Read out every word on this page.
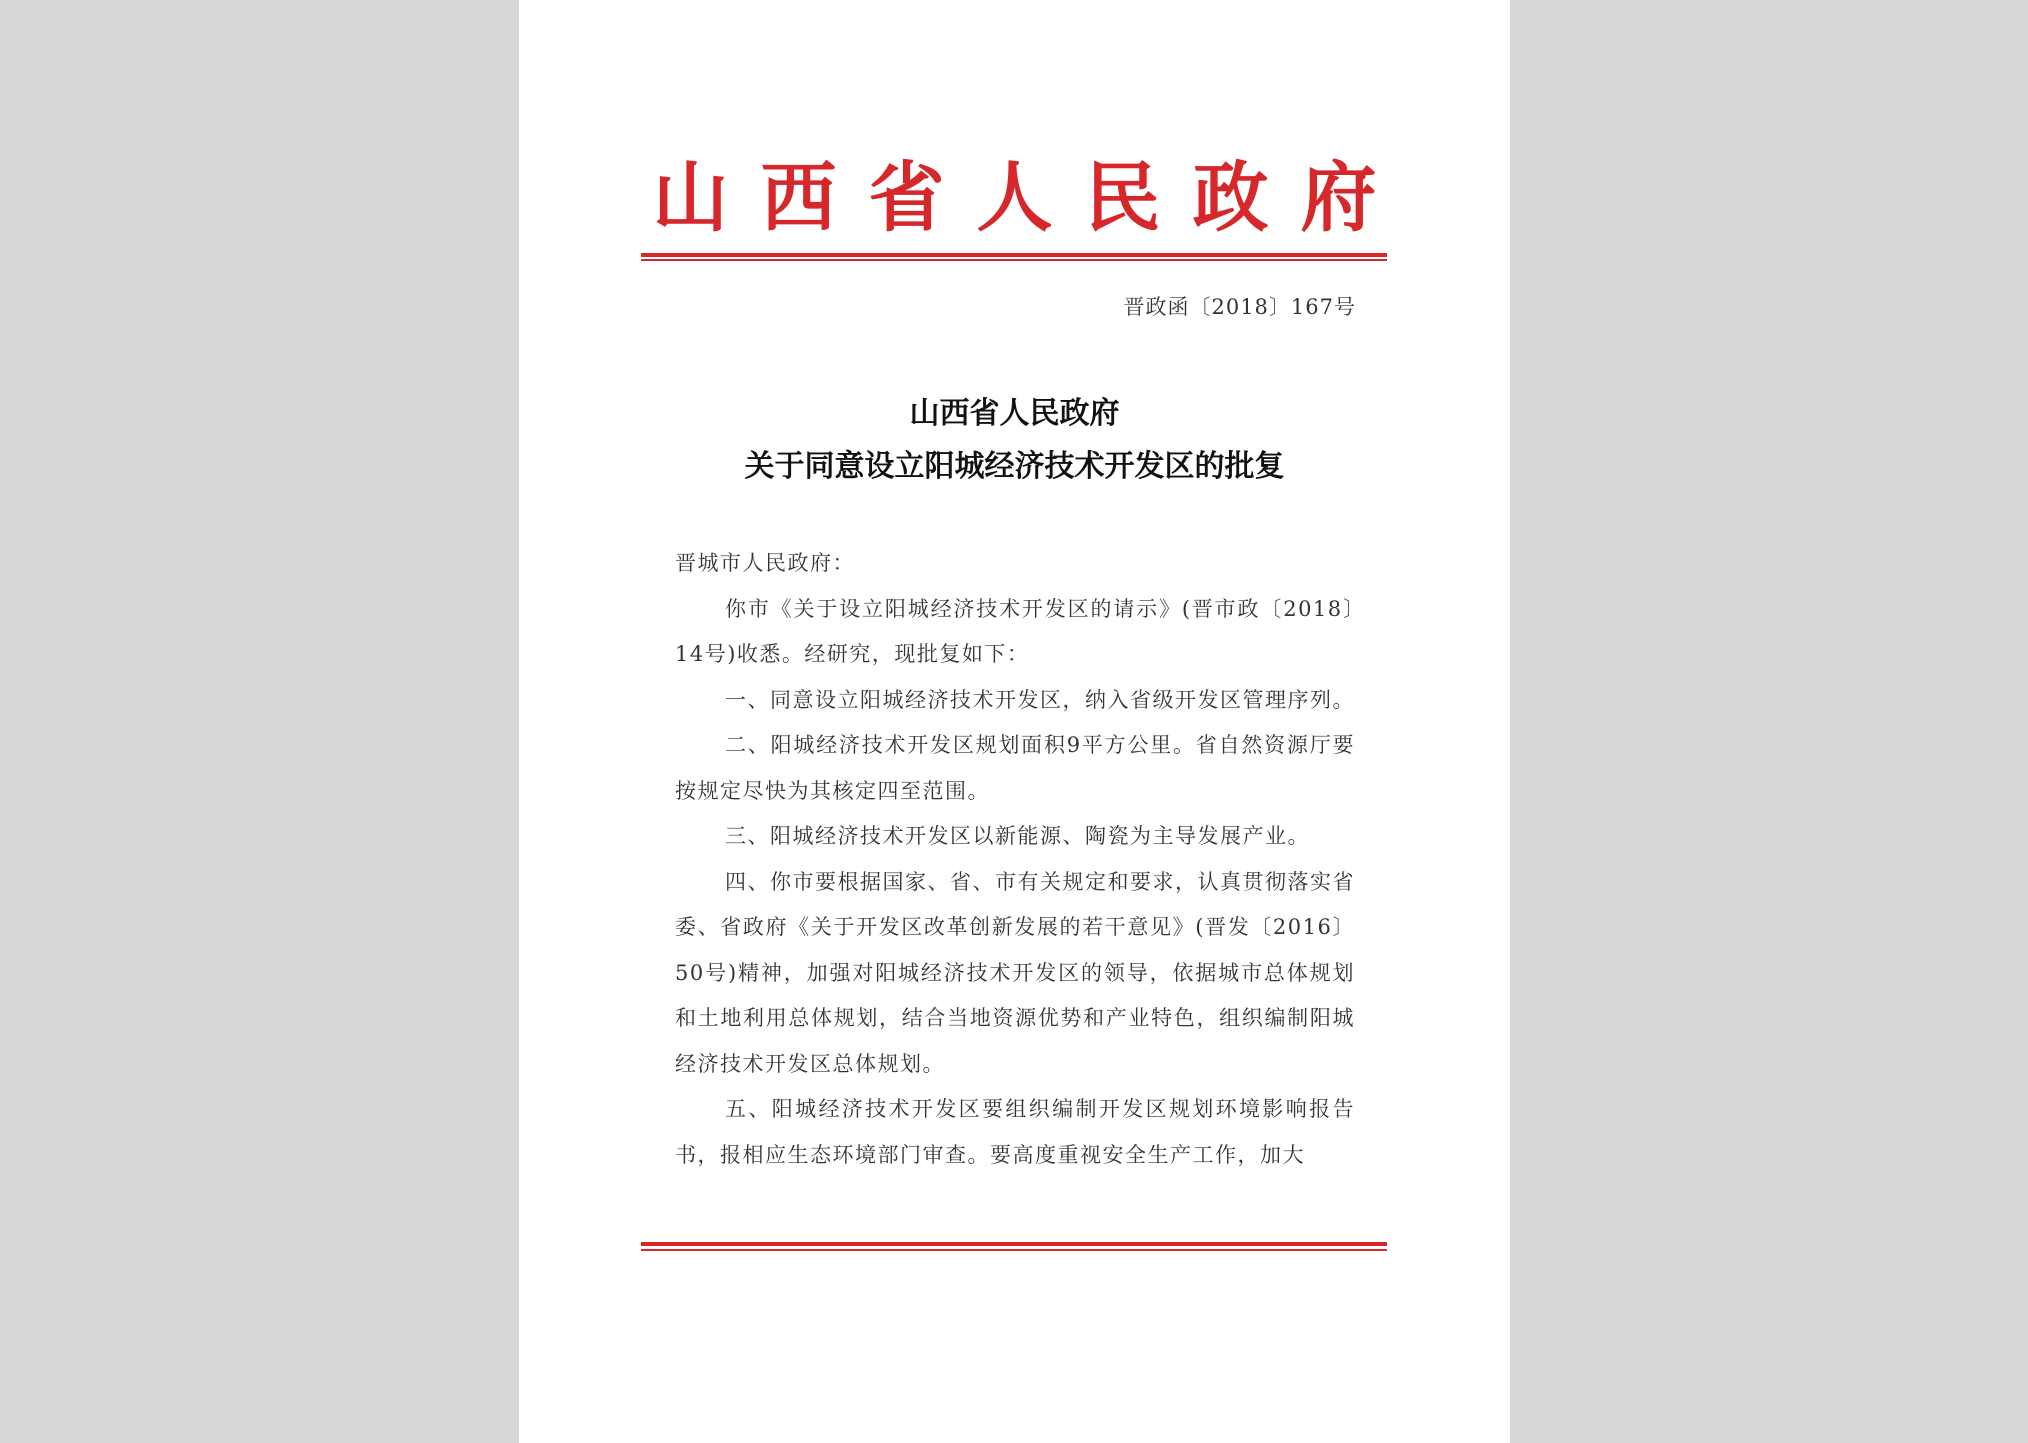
山西省人民政府
晋政函〔2018〕167号
山西省人民政府
关于同意设立阳城经济技术开发区的批复

晋城市人民政府：

你市《关于设立阳城经济技术开发区的请示》(晋市政〔2018〕14号)收悉。经研究，现批复如下：

一、同意设立阳城经济技术开发区，纳入省级开发区管理序列。

二、阳城经济技术开发区规划面积9平方公里。省自然资源厅要按规定尽快为其核定四至范围。

三、阳城经济技术开发区以新能源、陶瓷为主导发展产业。

四、你市要根据国家、省、市有关规定和要求，认真贯彻落实省委、省政府《关于开发区改革创新发展的若干意见》(晋发〔2016〕50号)精神，加强对阳城经济技术开发区的领导，依据城市总体规划和土地利用总体规划，结合当地资源优势和产业特色，组织编制阳城经济技术开发区总体规划。

五、阳城经济技术开发区要组织编制开发区规划环境影响报告书，报相应生态环境部门审查。要高度重视安全生产工作，加大
